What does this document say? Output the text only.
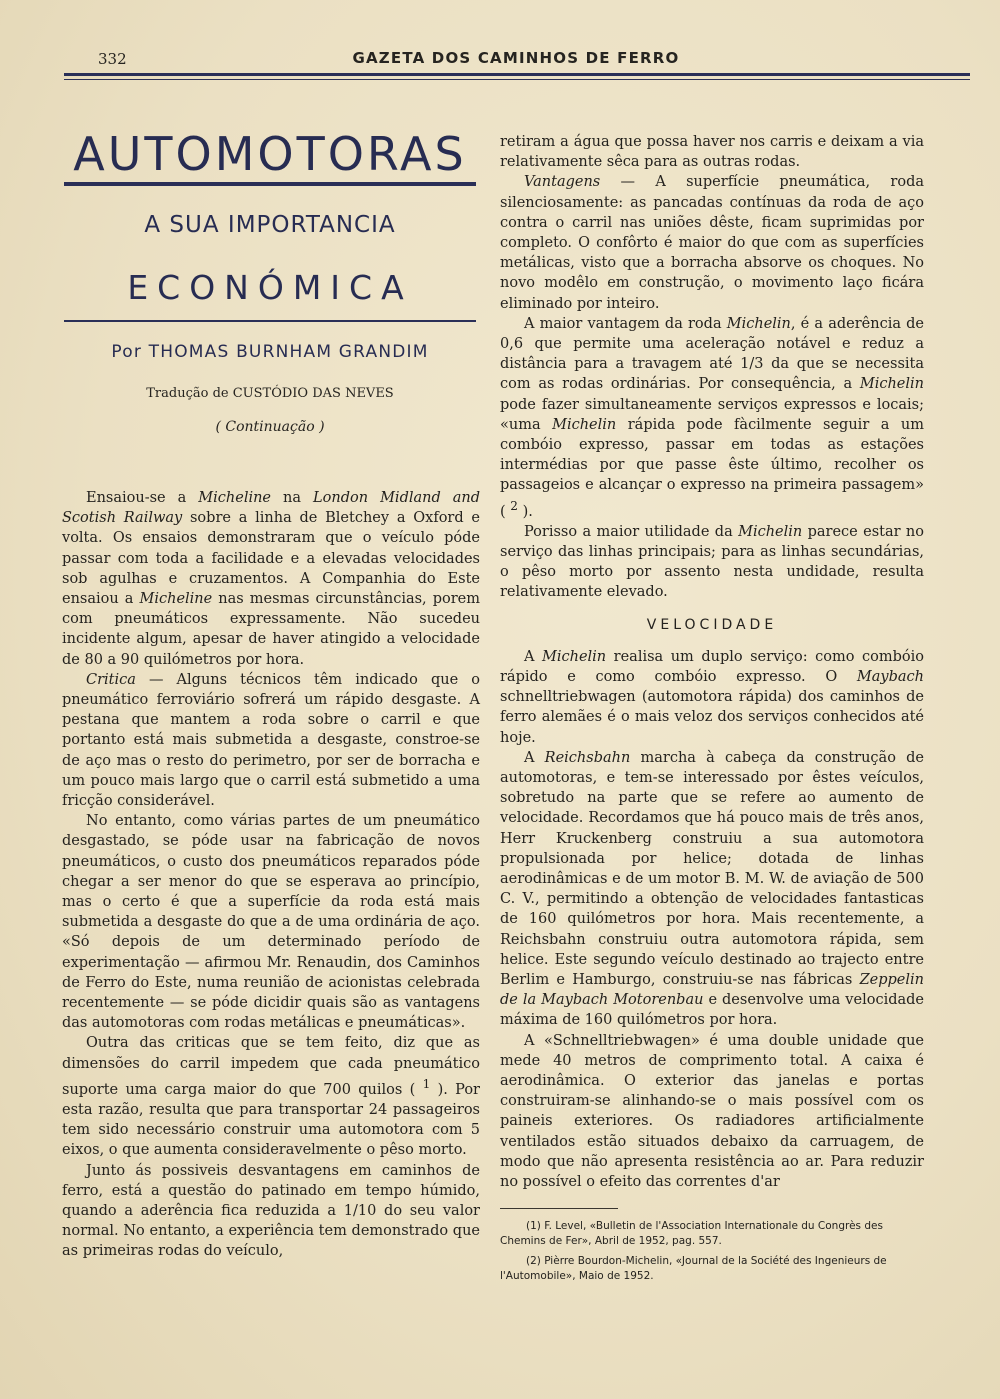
332	GAZETA DOS CAMINHOS DE FERRO
AUTOMOTORAS
A SUA IMPORTANCIA
ECONÓMICA
Por THOMAS BURNHAM GRANDIM
Tradução de CUSTÓDIO DAS NEVES
( Continuação )

Ensaiou-se a Micheline na London Midland and Scotish Railway sobre a linha de Bletchey a Oxford e volta. Os ensaios demonstraram que o veículo póde passar com toda a facilidade e a elevadas velocidades sob agulhas e cruzamentos. A Companhia do Este ensaiou a Micheline nas mesmas circunstâncias, porem com pneumáticos expressamente. Não sucedeu incidente algum, apesar de haver atingido a velocidade de 80 a 90 quilómetros por hora.

Critica — Alguns técnicos têm indicado que o pneumático ferroviário sofrerá um rápido desgaste. A pestana que mantem a roda sobre o carril e que portanto está mais submetida a desgaste, constroe-se de aço mas o resto do perimetro, por ser de borracha e um pouco mais largo que o carril está submetido a uma fricção considerável.

No entanto, como várias partes de um pneumático desgastado, se póde usar na fabricação de novos pneumáticos, o custo dos pneumáticos reparados póde chegar a ser menor do que se esperava ao princípio, mas o certo é que a superfície da roda está mais submetida a desgaste do que a de uma ordinária de aço. «Só depois de um determinado período de experimentação — afirmou Mr. Renaudin, dos Caminhos de Ferro do Este, numa reunião de acionistas celebrada recentemente — se póde dicidir quais são as vantagens das automotoras com rodas metálicas e pneumáticas».

Outra das criticas que se tem feito, diz que as dimensões do carril impedem que cada pneumático suporte uma carga maior do que 700 quilos ( $^1$ ). Por esta razão, resulta que para transportar 24 passageiros tem sido necessário construir uma automotora com 5 eixos, o que aumenta consideravelmente o pêso morto.

Junto ás possiveis desvantagens em caminhos de ferro, está a questão do patinado em tempo húmido, quando a aderência fica reduzida a 1/10 do seu valor normal. No entanto, a experiência tem demonstrado que as primeiras rodas do veículo,

retiram a água que possa haver nos carris e deixam a via relativamente sêca para as outras rodas.

Vantagens — A superfície pneumática, roda silenciosamente: as pancadas contínuas da roda de aço contra o carril nas uniões dêste, ficam suprimidas por completo. O confôrto é maior do que com as superfícies metálicas, visto que a borracha absorve os choques. No novo modêlo em construção, o movimento laço ficára eliminado por inteiro.

A maior vantagem da roda Michelin, é a aderência de 0,6 que permite uma aceleração notável e reduz a distância para a travagem até 1/3 da que se necessita com as rodas ordinárias. Por consequência, a Michelin pode fazer simultaneamente serviços expressos e locais; «uma Michelin rápida pode fàcilmente seguir a um combóio expresso, passar em todas as estações intermédias por que passe êste último, recolher os passageios e alcançar o expresso na primeira passagem» ( $^2$ ).

Porisso a maior utilidade da Michelin parece estar no serviço das linhas principais; para as linhas secundárias, o pêso morto por assento nesta undidade, resulta relativamente elevado.

VELOCIDADE

A Michelin realisa um duplo serviço: como combóio rápido e como combóio expresso. O Maybach schnelltriebwagen (automotora rápida) dos caminhos de ferro alemães é o mais veloz dos serviços conhecidos até hoje.

A Reichsbahn marcha à cabeça da construção de automotoras, e tem-se interessado por êstes veículos, sobretudo na parte que se refere ao aumento de velocidade. Recordamos que há pouco mais de três anos, Herr Kruckenberg construiu a sua automotora propulsionada por helice; dotada de linhas aerodinâmicas e de um motor B. M. W. de aviação de 500 C. V., permitindo a obtenção de velocidades fantasticas de 160 quilómetros por hora. Mais recentemente, a Reichsbahn construiu outra automotora rápida, sem helice. Este segundo veículo destinado ao trajecto entre Berlim e Hamburgo, construiu-se nas fábricas Zeppelin de la Maybach Motorenbau e desenvolve uma velocidade máxima de 160 quilómetros por hora.

A «Schnelltriebwagen» é uma double unidade que mede 40 metros de comprimento total. A caixa é aerodinâmica. O exterior das janelas e portas construiram-se alinhando-se o mais possível com os paineis exteriores. Os radiadores artificialmente ventilados estão situados debaixo da carruagem, de modo que não apresenta resistência ao ar. Para reduzir no possível o efeito das correntes d'ar

(1) F. Level, «Bulletin de l'Association Internationale du Congrès des Chemins de Fer», Abril de 1952, pag. 557.
(2) Pièrre Bourdon-Michelin, «Journal de la Société des Ingenieurs de l'Automobile», Maio de 1952.
